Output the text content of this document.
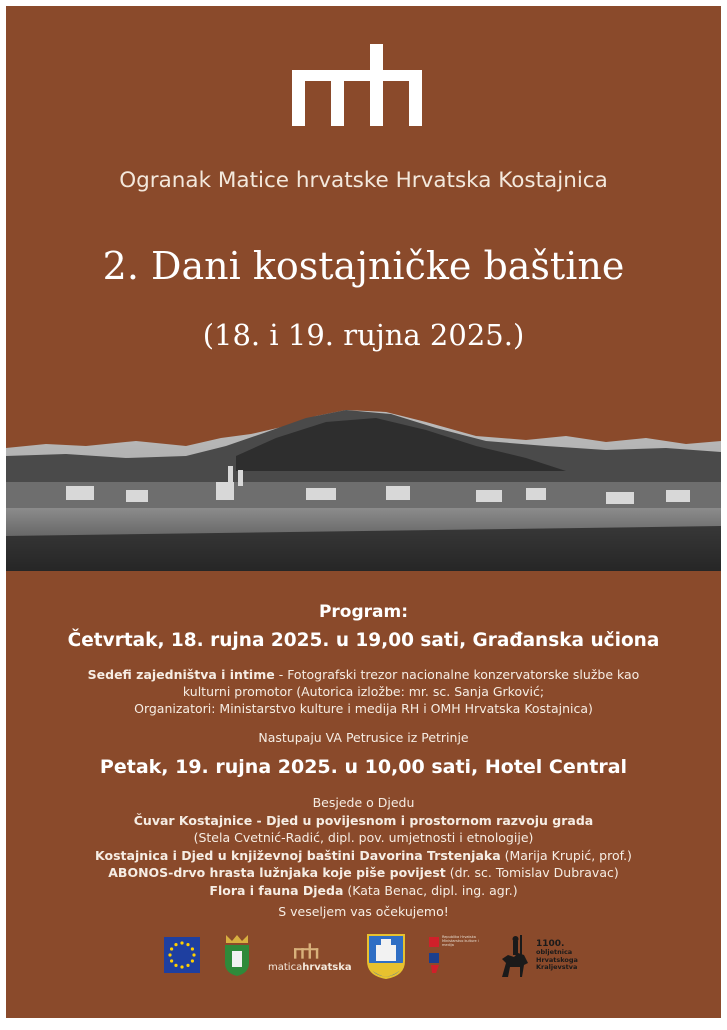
Ogranak Matice hrvatske Hrvatska Kostajnica
2. Dani kostajničke baštine
(18. i 19. rujna 2025.)
Program:
Četvrtak, 18. rujna 2025. u 19,00 sati, Građanska učiona
Sedefi zajedništva i intime - Fotografski trezor nacionalne konzervatorske službe kao
kulturni promotor (Autorica izložbe: mr. sc. Sanja Grković;
Organizatori: Ministarstvo kulture i medija RH i OMH Hrvatska Kostajnica)
Nastupaju VA Petrusice iz Petrinje
Petak, 19. rujna 2025. u 10,00 sati, Hotel Central
Besjede o Djedu
Čuvar Kostajnice - Djed u povijesnom i prostornom razvoju grada
(Stela Cvetnić-Radić, dipl. pov. umjetnosti i etnologije)
Kostajnica i Djed u književnoj baštini Davorina Trstenjaka (Marija Krupić, prof.)
ABONOS-drvo hrasta lužnjaka koje piše povijest (dr. sc. Tomislav Dubravac)
Flora i fauna Djeda (Kata Benac, dipl. ing. agr.)
S veseljem vas očekujemo!
maticahrvatska
Republika Hrvatska Ministarstvo kulture i medija	1100.
obljetnica
Hrvatskoga
Kraljevstva
